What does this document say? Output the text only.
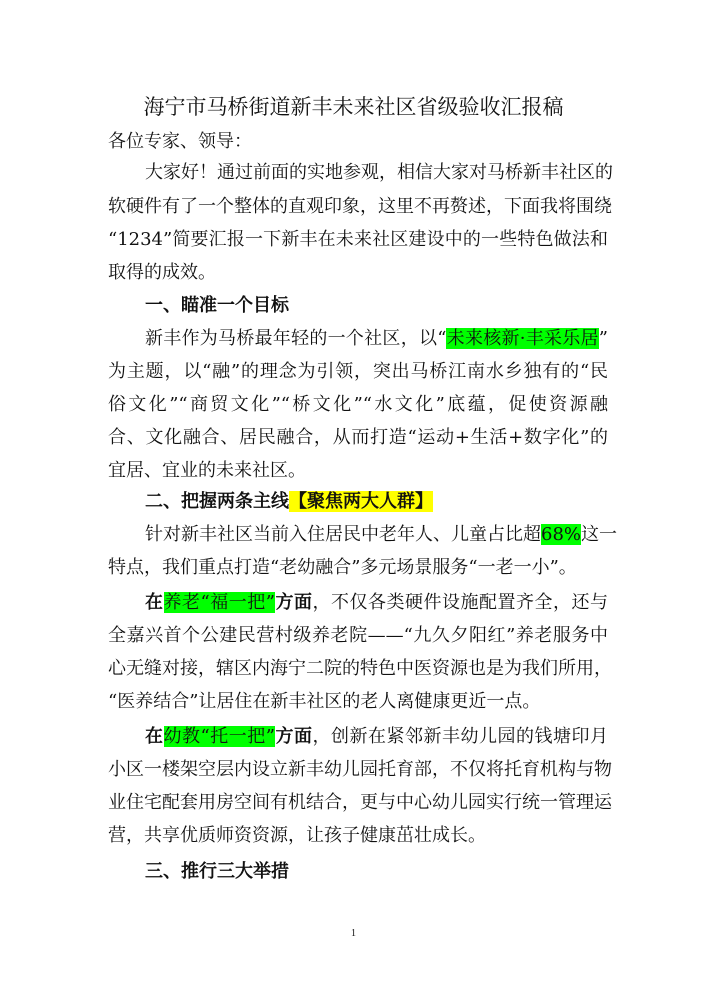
海宁市马桥街道新丰未来社区省级验收汇报稿
各位专家、领导：
大家好！通过前面的实地参观，相信大家对马桥新丰社区的
软硬件有了一个整体的直观印象，这里不再赘述，下面我将围绕
“1234”简要汇报一下新丰在未来社区建设中的一些特色做法和
取得的成效。
一、瞄准一个目标
新丰作为马桥最年轻的一个社区，以“未来核新·丰采乐居”
为主题，以“融”的理念为引领，突出马桥江南水乡独有的“民
俗文化”“商贸文化”“桥文化”“水文化”底蕴，促使资源融
合、文化融合、居民融合，从而打造“运动+生活+数字化”的
宜居、宜业的未来社区。
二、把握两条主线【聚焦两大人群】
针对新丰社区当前入住居民中老年人、儿童占比超68%这一
特点，我们重点打造“老幼融合”多元场景服务“一老一小”。
在养老“福一把”方面，不仅各类硬件设施配置齐全，还与
全嘉兴首个公建民营村级养老院——“九久夕阳红”养老服务中
心无缝对接，辖区内海宁二院的特色中医资源也是为我们所用，
“医养结合”让居住在新丰社区的老人离健康更近一点。
在幼教“托一把”方面，创新在紧邻新丰幼儿园的钱塘印月
小区一楼架空层内设立新丰幼儿园托育部，不仅将托育机构与物
业住宅配套用房空间有机结合，更与中心幼儿园实行统一管理运
营，共享优质师资资源，让孩子健康茁壮成长。
三、推行三大举措
1
